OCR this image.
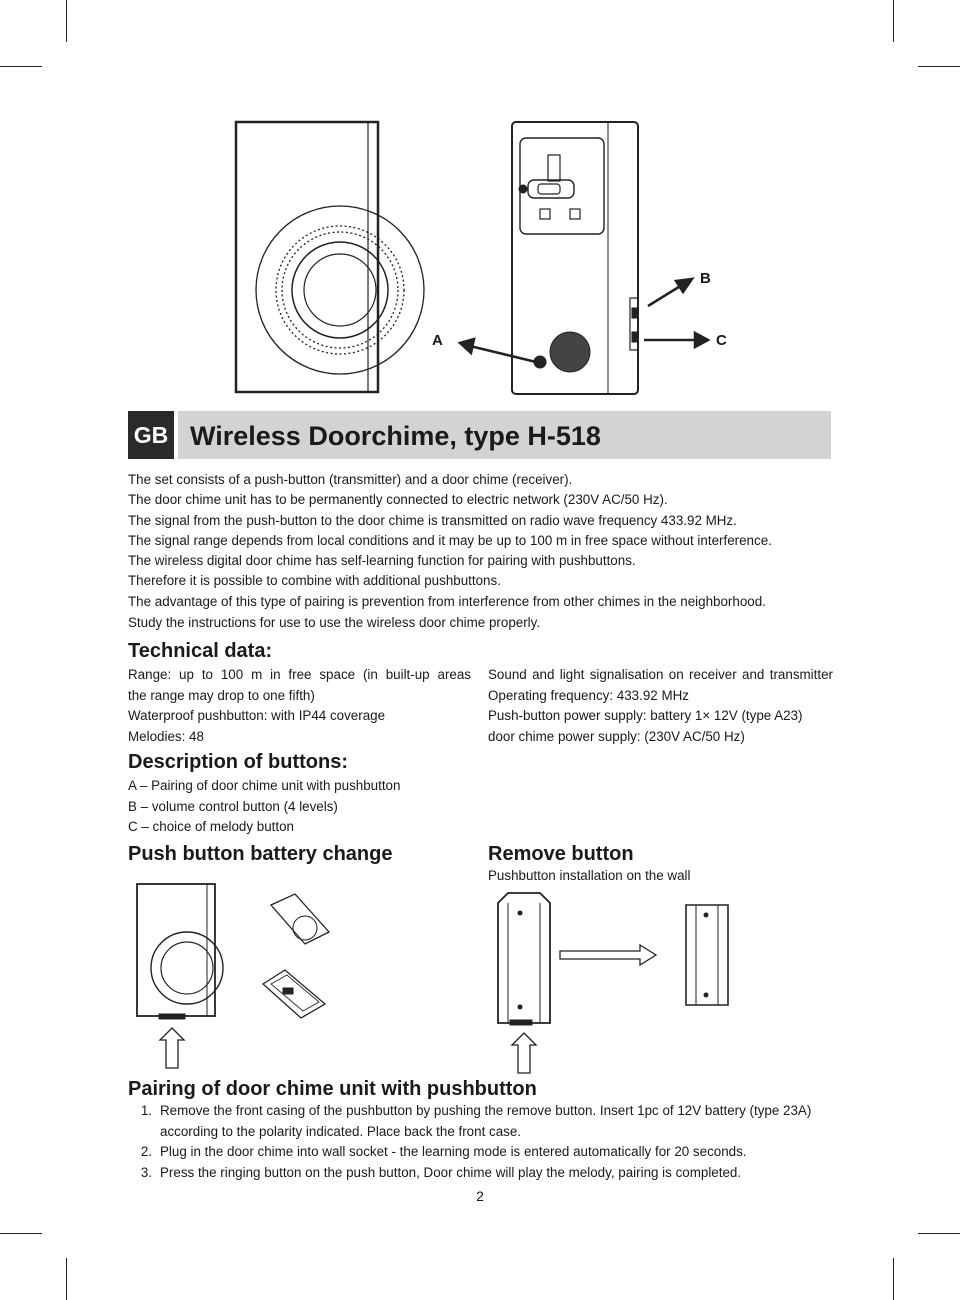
A
B
C
GB Wireless Doorchime, type H-518
The set consists of a push-button (transmitter) and a door chime (receiver).
The door chime unit has to be permanently connected to electric network (230V AC/50 Hz).
The signal from the push-button to the door chime is transmitted on radio wave frequency 433.92 MHz.
The signal range depends from local conditions and it may be up to 100 m in free space without interference.
The wireless digital door chime has self-learning function for pairing with pushbuttons.
Therefore it is possible to combine with additional pushbuttons.
The advantage of this type of pairing is prevention from interference from other chimes in the neighborhood.
Study the instructions for use to use the wireless door chime properly.
Technical data:
Range: up to 100 m in free space (in built-up areas
the range may drop to one fifth)
Waterproof pushbutton: with IP44 coverage
Melodies: 48
Sound and light signalisation on receiver and transmitter
Operating frequency: 433.92 MHz
Push-button power supply: battery 1× 12V (type A23)
door chime power supply: (230V AC/50 Hz)
Description of buttons:
A – Pairing of door chime unit with pushbutton
B – volume control button (4 levels)
C – choice of melody button
Push button battery change	Remove button
Pushbutton installation on the wall
Pairing of door chime unit with pushbutton
1. Remove the front casing of the pushbutton by pushing the remove button. Insert 1pc of 12V battery (type 23A)
according to the polarity indicated. Place back the front case.
2. Plug in the door chime into wall socket - the learning mode is entered automatically for 20 seconds.
3. Press the ringing button on the push button, Door chime will play the melody, pairing is completed.
2
